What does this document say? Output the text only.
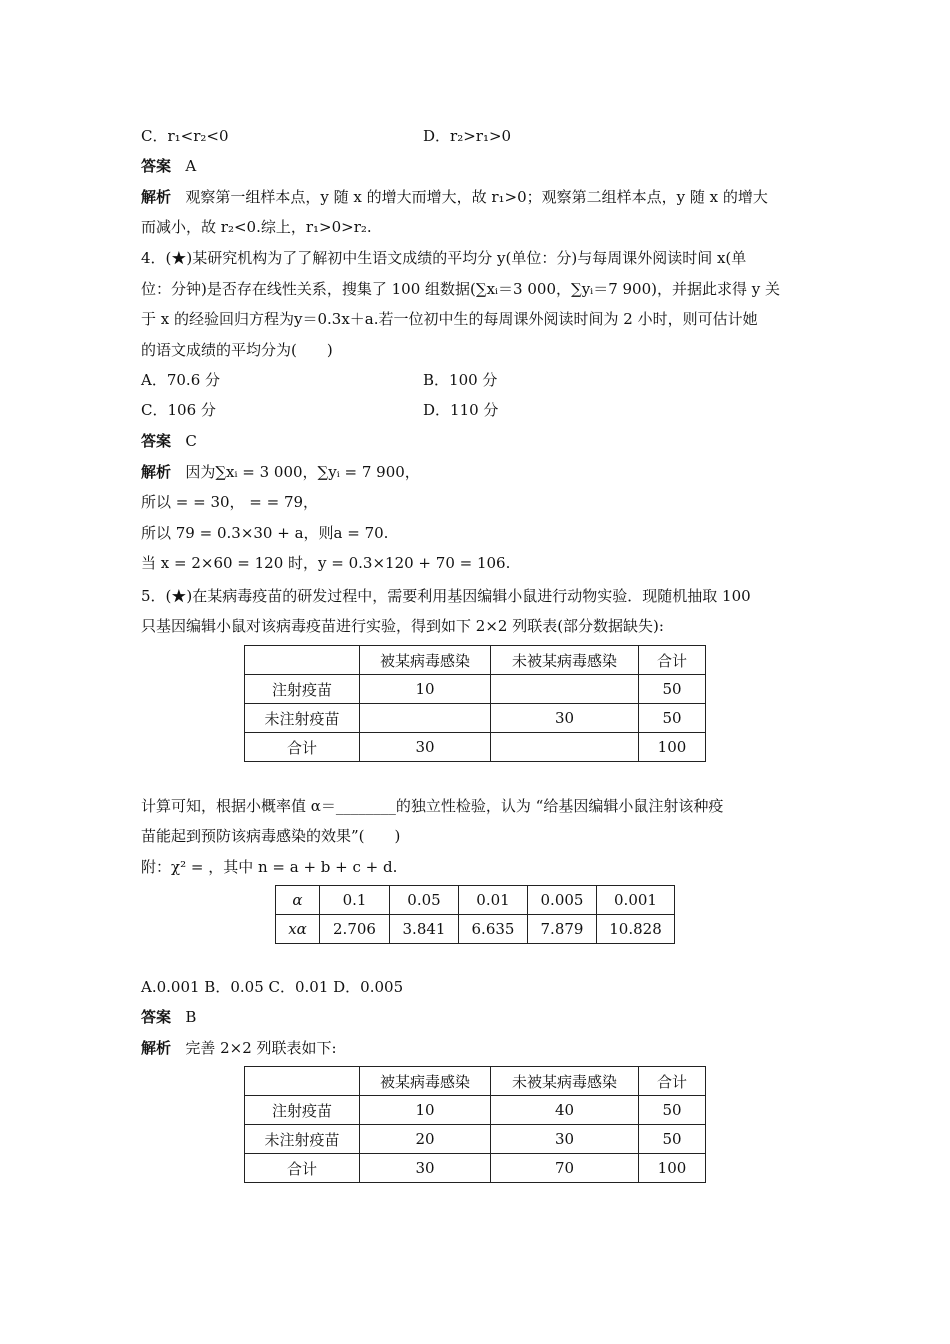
C．r₁<r₂<0	D．r₂>r₁>0
答案 A
解析 观察第一组样本点，y 随 x 的增大而增大，故 r₁>0；观察第二组样本点，y 随 x 的增大
而减小，故 r₂<0.综上，r₁>0>r₂.
4．(★)某研究机构为了了解初中生语文成绩的平均分 y(单位：分)与每周课外阅读时间 x(单
位：分钟)是否存在线性关系，搜集了 100 组数据(∑xᵢ＝3 000，∑yᵢ＝7 900)，并据此求得 y 关
于 x 的经验回归方程为y＝0.3x＋a.若一位初中生的每周课外阅读时间为 2 小时，则可估计她
的语文成绩的平均分为(　　)
A．70.6 分	B．100 分
C．106 分	D．110 分
答案 C
解析 因为∑xᵢ = 3 000，∑yᵢ = 7 900，
所以 = = 30， = = 79，
所以 79 = 0.3×30 + a，则a = 70.
当 x = 2×60 = 120 时，y = 0.3×120 + 70 = 106.
5．(★)在某病毒疫苗的研发过程中，需要利用基因编辑小鼠进行动物实验．现随机抽取 100
只基因编辑小鼠对该病毒疫苗进行实验，得到如下 2×2 列联表(部分数据缺失):
	被某病毒感染	未被某病毒感染	合计
注射疫苗	10		50
未注射疫苗		30	50
合计	30		100
计算可知，根据小概率值 α＝________的独立性检验，认为 “给基因编辑小鼠注射该种疫
苗能起到预防该病毒感染的效果”(　　)
附：χ² = ，其中 n = a + b + c + d.
α	0.1	0.05	0.01	0.005	0.001
xα	2.706	3.841	6.635	7.879	10.828
A.0.001 B．0.05 C．0.01 D．0.005
答案 B
解析 完善 2×2 列联表如下:
	被某病毒感染	未被某病毒感染	合计
注射疫苗	10	40	50
未注射疫苗	20	30	50
合计	30	70	100
